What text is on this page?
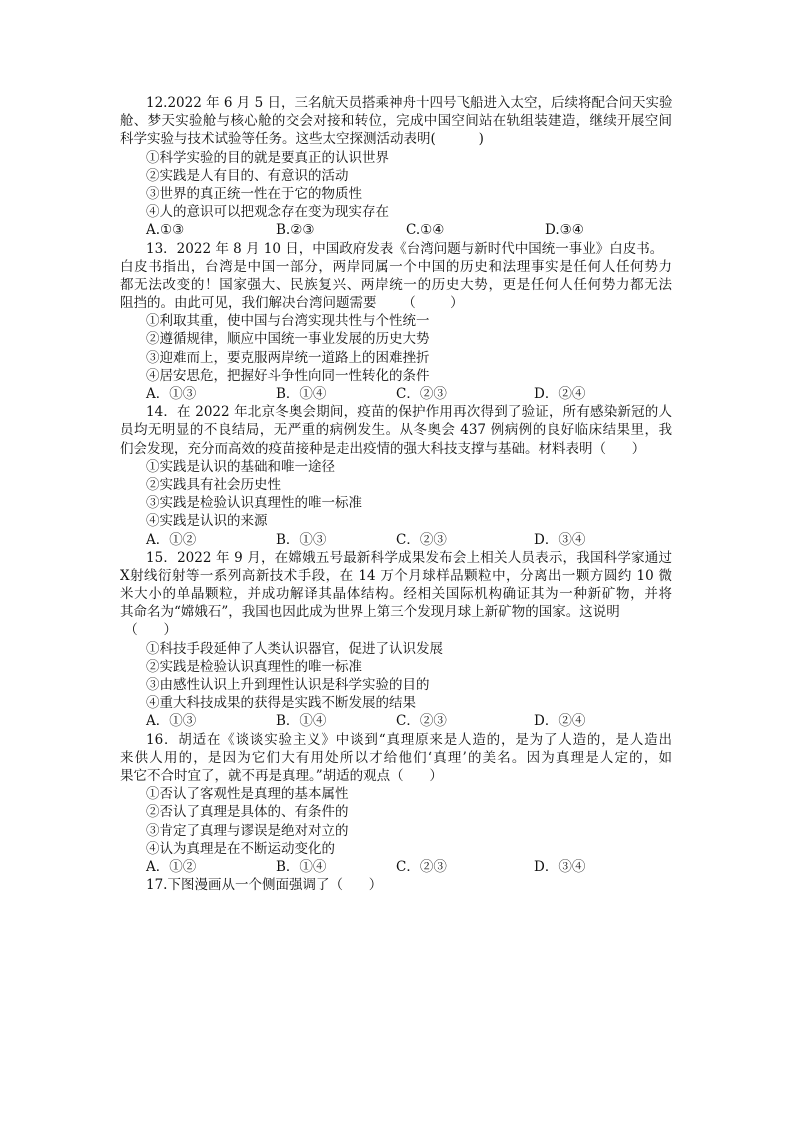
12.2022 年 6 月 5 日，三名航天员搭乘神舟十四号飞船进入太空，后续将配合问天实验
舱、梦天实验舱与核心舱的交会对接和转位，完成中国空间站在轨组装建造，继续开展空间
科学实验与技术试验等任务。这些太空探测活动表明(          )
①科学实验的目的就是要真正的认识世界
②实践是人有目的、有意识的活动
③世界的真正统一性在于它的物质性
④人的意识可以把观念存在变为现实存在
A.①③	B.②③	C.①④	D.③④
13．2022 年 8 月 10 日，中国政府发表《台湾问题与新时代中国统一事业》白皮书。
白皮书指出，台湾是中国一部分，两岸同属一个中国的历史和法理事实是任何人任何势力
都无法改变的！国家强大、民族复兴、两岸统一的历史大势，更是任何人任何势力都无法
阻挡的。由此可见，我们解决台湾问题需要      （        ）
①利取其重，使中国与台湾实现共性与个性统一
②遵循规律，顺应中国统一事业发展的历史大势
③迎难而上，要克服两岸统一道路上的困难挫折
④居安思危，把握好斗争性向同一性转化的条件
A．①③	B．①④	C．②③	D．②④
14．在 2022 年北京冬奥会期间，疫苗的保护作用再次得到了验证，所有感染新冠的人
员均无明显的不良结局，无严重的病例发生。从冬奥会 437 例病例的良好临床结果里，我
们会发现，充分而高效的疫苗接种是走出疫情的强大科技支撑与基础。材料表明（      ）
①实践是认识的基础和唯一途径
②实践具有社会历史性
③实践是检验认识真理性的唯一标准
④实践是认识的来源
A．①②	B．①③	C．②③	D．③④
15．2022 年 9 月，在嫦娥五号最新科学成果发布会上相关人员表示，我国科学家通过
X射线衍射等一系列高新技术手段，在 14 万个月球样品颗粒中，分离出一颗方圆约 10 微
米大小的单晶颗粒，并成功解译其晶体结构。经相关国际机构确证其为一种新矿物，并将
其命名为“嫦娥石”，我国也因此成为世界上第三个发现月球上新矿物的国家。这说明
（      ）
①科技手段延伸了人类认识器官，促进了认识发展
②实践是检验认识真理性的唯一标准
③由感性认识上升到理性认识是科学实验的目的
④重大科技成果的获得是实践不断发展的结果
A．①③	B．①④	C．②③	D．②④
16．胡适在《谈谈实验主义》中谈到“真理原来是人造的，是为了人造的，是人造出
来供人用的，是因为它们大有用处所以才给他们‘真理’的美名。因为真理是人定的，如
果它不合时宜了，就不再是真理。”胡适的观点（      ）
①否认了客观性是真理的基本属性
②否认了真理是具体的、有条件的
③肯定了真理与谬误是绝对对立的
④认为真理是在不断运动变化的
A．①②	B．①④	C．②③	D．③④
17.下图漫画从一个侧面强调了（      ）
